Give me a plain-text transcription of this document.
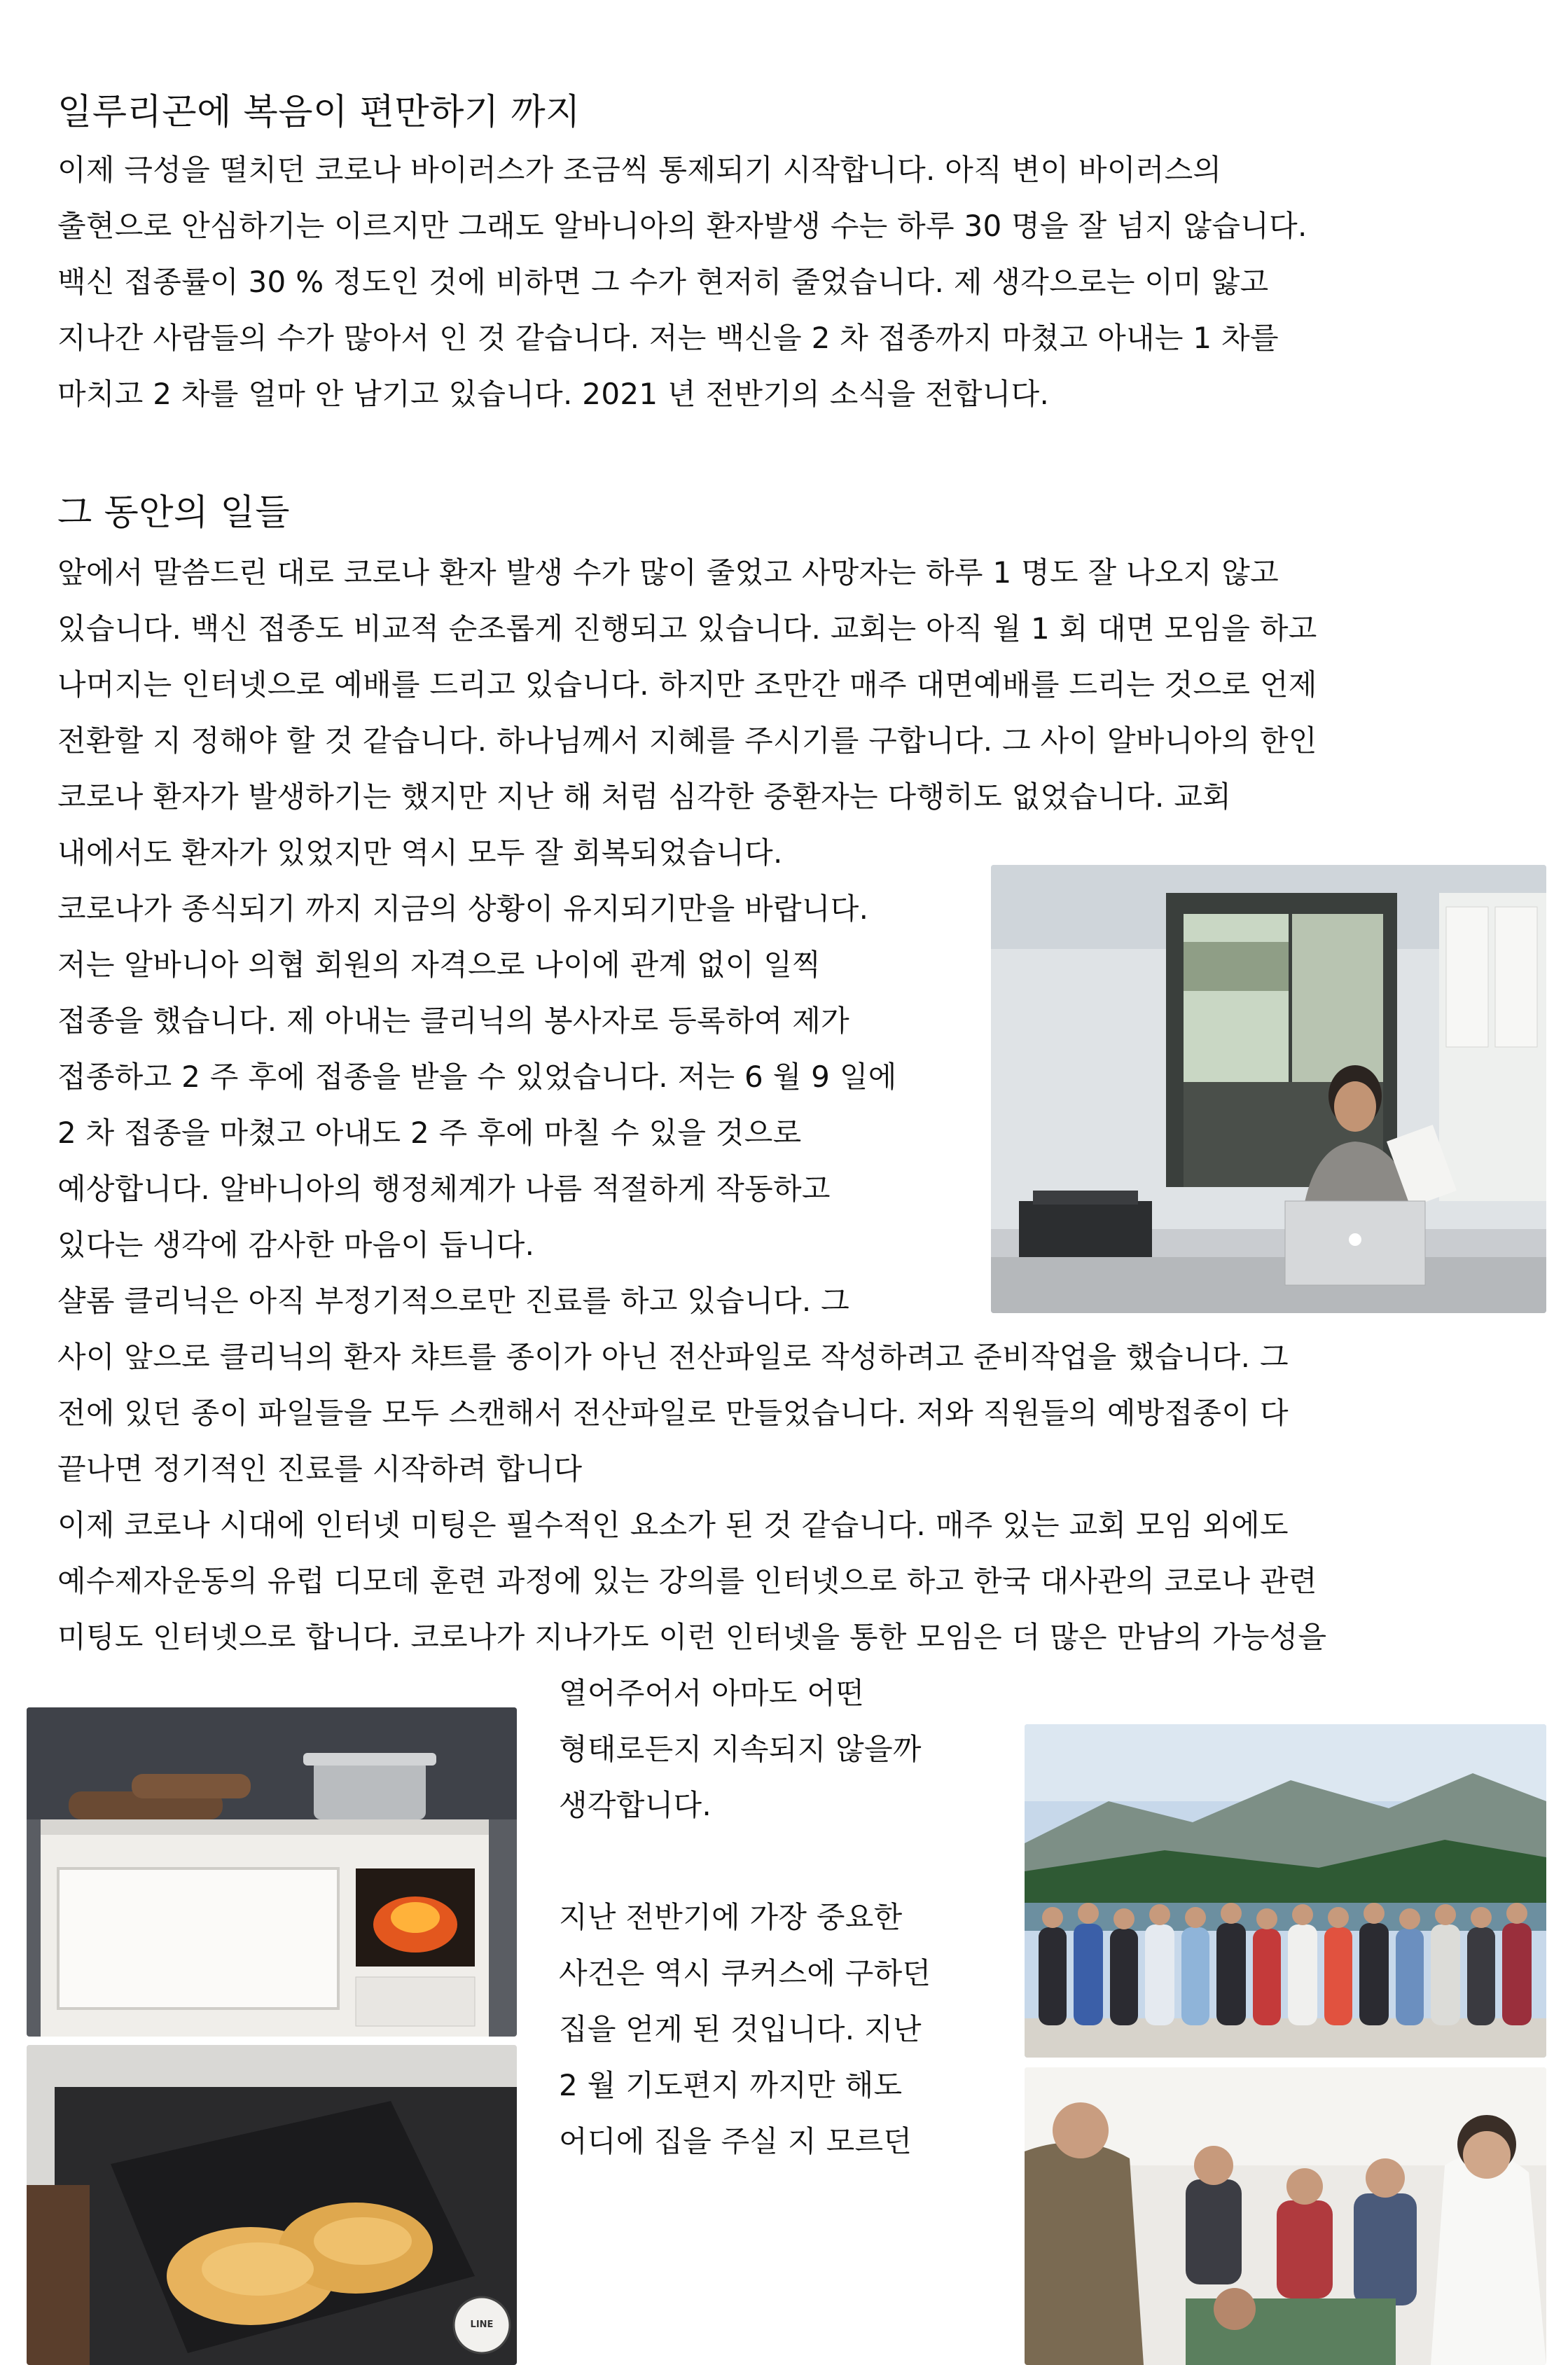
일루리곤에 복음이 편만하기 까지
이제 극성을 떨치던 코로나 바이러스가 조금씩 통제되기 시작합니다. 아직 변이 바이러스의
출현으로 안심하기는 이르지만 그래도 알바니아의 환자발생 수는 하루 30 명을 잘 넘지 않습니다.
백신 접종률이 30 % 정도인 것에 비하면 그 수가 현저히 줄었습니다. 제 생각으로는 이미 앓고
지나간 사람들의 수가 많아서 인 것 같습니다. 저는 백신을 2 차 접종까지 마쳤고 아내는 1 차를
마치고 2 차를 얼마 안 남기고 있습니다. 2021 년 전반기의 소식을 전합니다.
그 동안의 일들
앞에서 말씀드린 대로 코로나 환자 발생 수가 많이 줄었고 사망자는 하루 1 명도 잘 나오지 않고
있습니다. 백신 접종도 비교적 순조롭게 진행되고 있습니다. 교회는 아직 월 1 회 대면 모임을 하고
나머지는 인터넷으로 예배를 드리고 있습니다. 하지만 조만간 매주 대면예배를 드리는 것으로 언제
전환할 지 정해야 할 것 같습니다. 하나님께서 지혜를 주시기를 구합니다. 그 사이 알바니아의 한인
코로나 환자가 발생하기는 했지만 지난 해 처럼 심각한 중환자는 다행히도 없었습니다. 교회
내에서도 환자가 있었지만 역시 모두 잘 회복되었습니다.
코로나가 종식되기 까지 지금의 상황이 유지되기만을 바랍니다.
저는 알바니아 의협 회원의 자격으로 나이에 관계 없이 일찍
접종을 했습니다. 제 아내는 클리닉의 봉사자로 등록하여 제가
접종하고 2 주 후에 접종을 받을 수 있었습니다. 저는 6 월 9 일에
2 차 접종을 마쳤고 아내도 2 주 후에 마칠 수 있을 것으로
예상합니다. 알바니아의 행정체계가 나름 적절하게 작동하고
있다는 생각에 감사한 마음이 듭니다.
샬롬 클리닉은 아직 부정기적으로만 진료를 하고 있습니다. 그
사이 앞으로 클리닉의 환자 챠트를 종이가 아닌 전산파일로 작성하려고 준비작업을 했습니다. 그
전에 있던 종이 파일들을 모두 스캔해서 전산파일로 만들었습니다. 저와 직원들의 예방접종이 다
끝나면 정기적인 진료를 시작하려 합니다
이제 코로나 시대에 인터넷 미팅은 필수적인 요소가 된 것 같습니다. 매주 있는 교회 모임 외에도
예수제자운동의 유럽 디모데 훈련 과정에 있는 강의를 인터넷으로 하고 한국 대사관의 코로나 관련
미팅도 인터넷으로 합니다. 코로나가 지나가도 이런 인터넷을 통한 모임은 더 많은 만남의 가능성을
열어주어서 아마도 어떤
형태로든지 지속되지 않을까
생각합니다.
지난 전반기에 가장 중요한
사건은 역시 쿠커스에 구하던
집을 얻게 된 것입니다. 지난
2 월 기도편지 까지만 해도
어디에 집을 주실 지 모르던
LINE
